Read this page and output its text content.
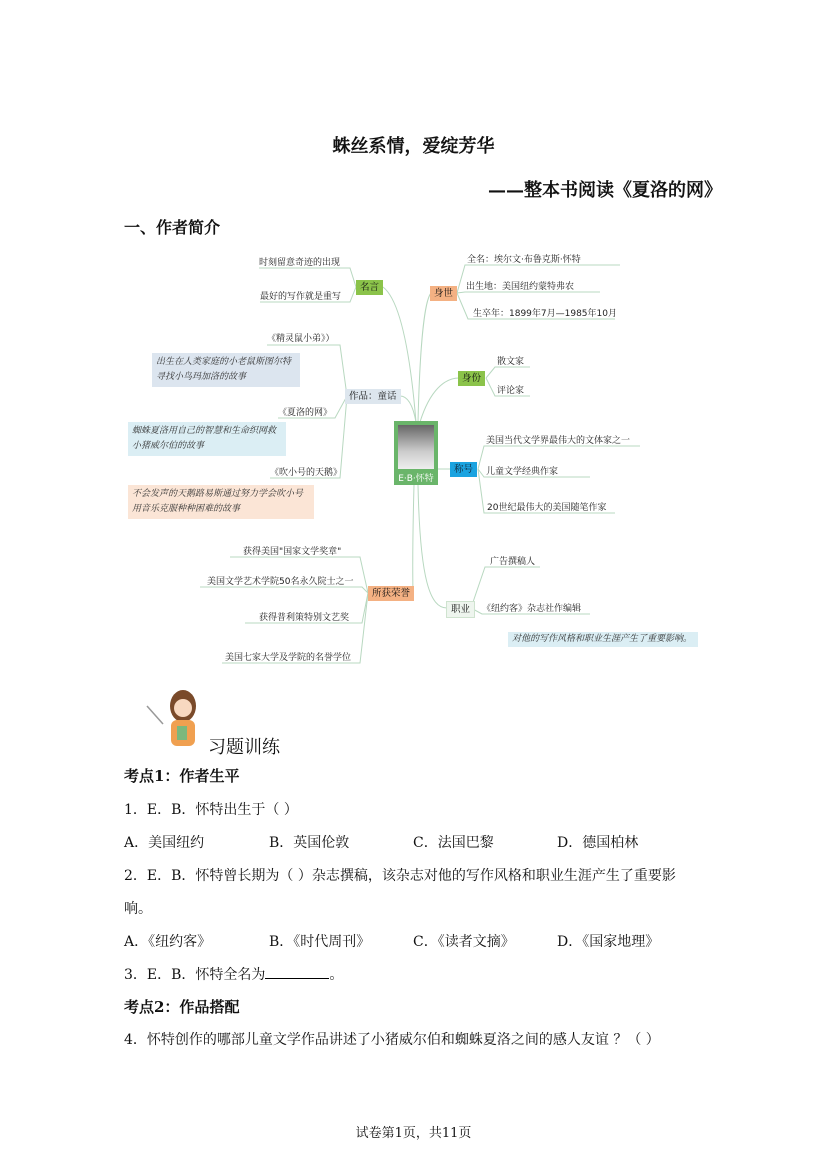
蛛丝系情，爱绽芳华
——整本书阅读《夏洛的网》
一、作者简介
名言
时刻留意奇迹的出现
最好的写作就是重写
作品：童话
《精灵鼠小弟》）
出生在人类家庭的小老鼠斯图尔特
寻找小鸟玛加洛的故事
《夏洛的网》
蜘蛛夏洛用自己的智慧和生命织网救
小猪威尔伯的故事
《吹小号的天鹅》
不会发声的天鹅路易斯通过努力学会吹小号
用音乐克服种种困难的故事
E·B·怀特
身世
全名：埃尔文·布鲁克斯·怀特
出生地：美国纽约蒙特弗农
生卒年：1899年7月—1985年10月
身份
散文家
评论家
称号
美国当代文学界最伟大的文体家之一
儿童文学经典作家
20世纪最伟大的美国随笔作家
所获荣誉
获得美国"国家文学奖章"
美国文学艺术学院50名永久院士之一
获得普利策特别文艺奖
美国七家大学及学院的名誉学位
职业
广告撰稿人
《纽约客》杂志社作编辑
对他的写作风格和职业生涯产生了重要影响。
习题训练
考点1：作者生平
1．E．B．怀特出生于（ ）
A．美国纽约	B．英国伦敦	C．法国巴黎	D．德国柏林
2．E．B．怀特曾长期为（ ）杂志撰稿，该杂志对他的写作风格和职业生涯产生了重要影
响。
A．《纽约客》	B．《时代周刊》	C．《读者文摘》	D．《国家地理》
3．E．B．怀特全名为	。
考点2：作品搭配
4．怀特创作的哪部儿童文学作品讲述了小猪威尔伯和蜘蛛夏洛之间的感人友谊 ？（ ）
试卷第1页，共11页
